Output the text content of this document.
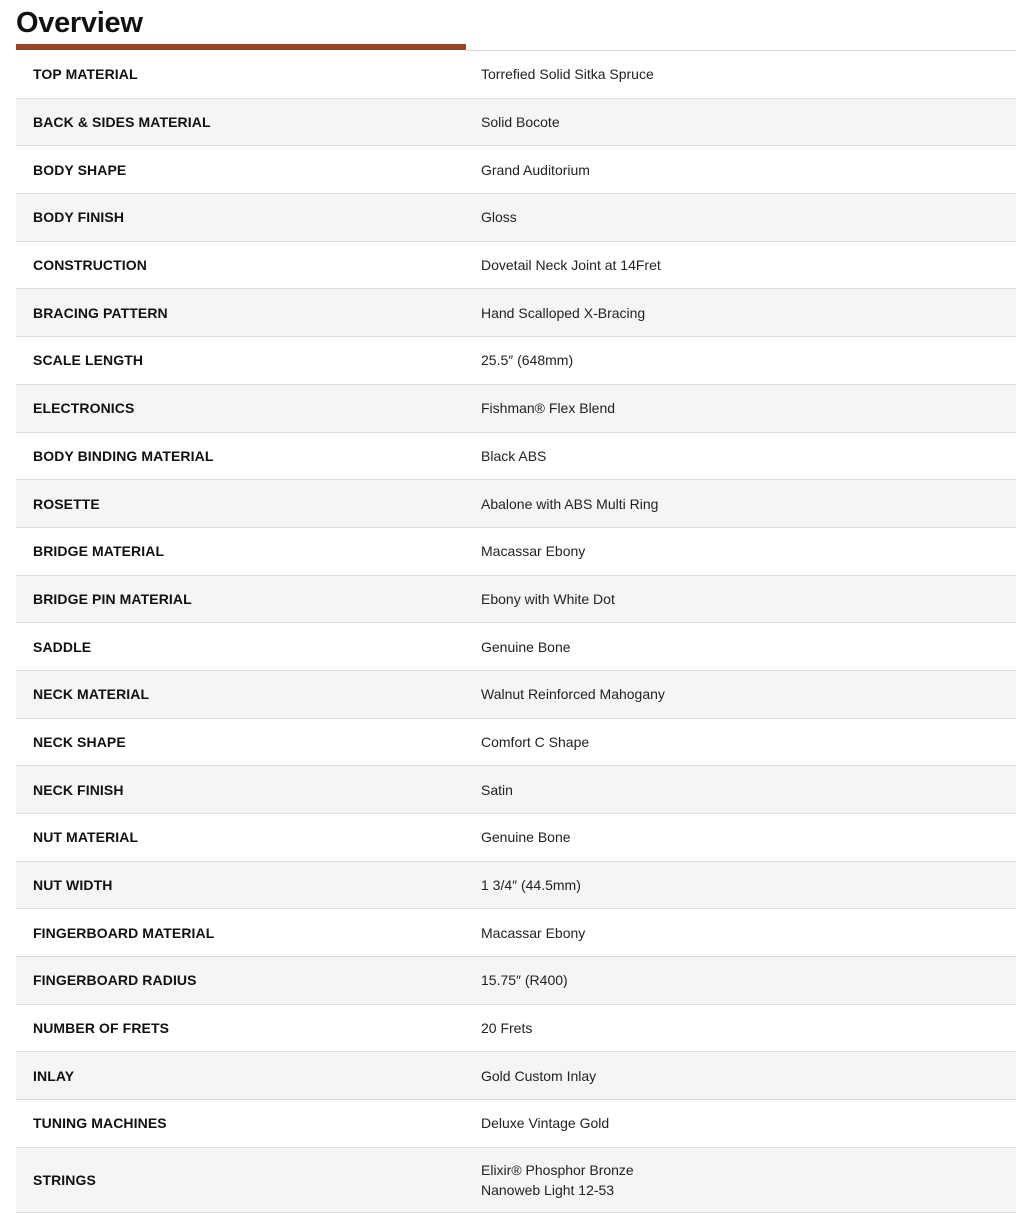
Overview
TOP MATERIAL	Torrefied Solid Sitka Spruce
BACK & SIDES MATERIAL	Solid Bocote
BODY SHAPE	Grand Auditorium
BODY FINISH	Gloss
CONSTRUCTION	Dovetail Neck Joint at 14Fret
BRACING PATTERN	Hand Scalloped X-Bracing
SCALE LENGTH	25.5″ (648mm)
ELECTRONICS	Fishman® Flex Blend
BODY BINDING MATERIAL	Black ABS
ROSETTE	Abalone with ABS Multi Ring
BRIDGE MATERIAL	Macassar Ebony
BRIDGE PIN MATERIAL	Ebony with White Dot
SADDLE	Genuine Bone
NECK MATERIAL	Walnut Reinforced Mahogany
NECK SHAPE	Comfort C Shape
NECK FINISH	Satin
NUT MATERIAL	Genuine Bone
NUT WIDTH	1 3/4″ (44.5mm)
FINGERBOARD MATERIAL	Macassar Ebony
FINGERBOARD RADIUS	15.75″ (R400)
NUMBER OF FRETS	20 Frets
INLAY	Gold Custom Inlay
TUNING MACHINES	Deluxe Vintage Gold
STRINGS	Elixir® Phosphor Bronze
Nanoweb Light 12-53
